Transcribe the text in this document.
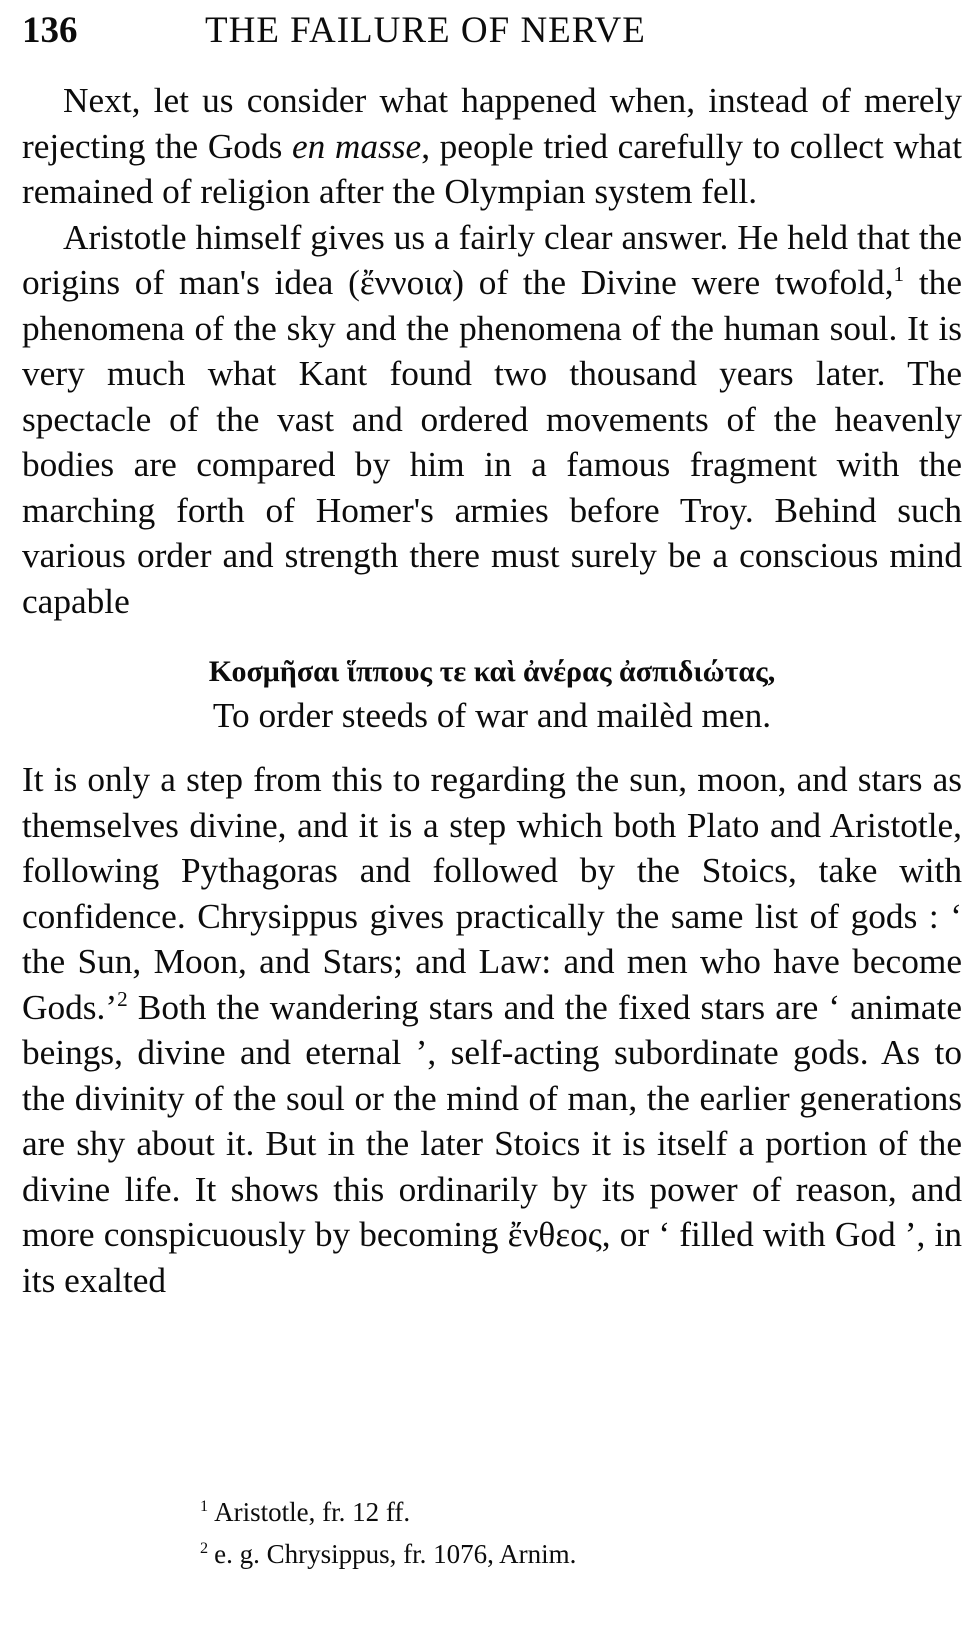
136	THE FAILURE OF NERVE

Next, let us consider what happened when, instead of merely rejecting the Gods en masse, people tried carefully to collect what remained of religion after the Olympian system fell.

Aristotle himself gives us a fairly clear answer. He held that the origins of man's idea (ἔννοια) of the Divine were twofold,$^1$ the phenomena of the sky and the phenomena of the human soul. It is very much what Kant found two thousand years later. The spectacle of the vast and ordered movements of the heavenly bodies are compared by him in a famous fragment with the marching forth of Homer's armies before Troy. Behind such various order and strength there must surely be a conscious mind capable

Κοσμῆσαι ἵππους τε καὶ ἀνέρας ἀσπιδιώτας,
To order steeds of war and mailèd men.

It is only a step from this to regarding the sun, moon, and stars as themselves divine, and it is a step which both Plato and Aristotle, following Pythagoras and followed by the Stoics, take with confidence. Chrysippus gives practically the same list of gods : ‘ the Sun, Moon, and Stars; and Law: and men who have become Gods.’$^2$ Both the wandering stars and the fixed stars are ‘ animate beings, divine and eternal ’, self-acting subordinate gods. As to the divinity of the soul or the mind of man, the earlier generations are shy about it. But in the later Stoics it is itself a portion of the divine life. It shows this ordinarily by its power of reason, and more conspicuously by becoming ἔνθεος, or ‘ filled with God ’, in its exalted

$^1$ Aristotle, fr. 12 ff.
$^2$ e. g. Chrysippus, fr. 1076, Arnim.
